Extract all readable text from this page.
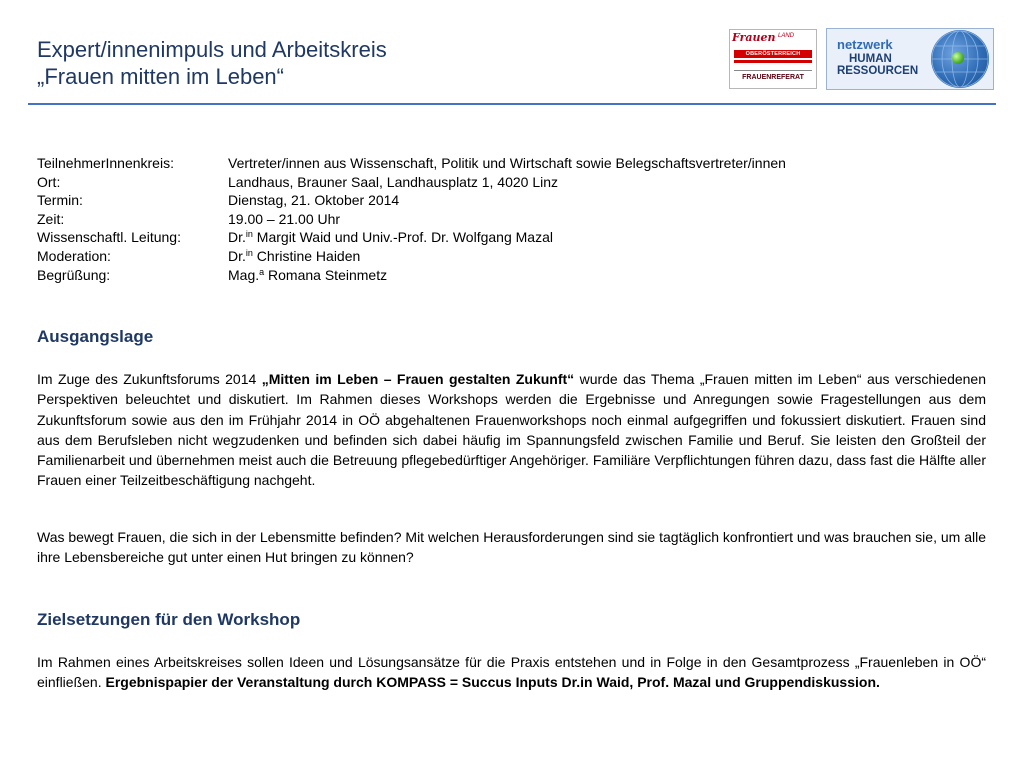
Expert/innenimpuls und Arbeitskreis
„Frauen mitten im Leben“
Frauen LAND
OBERÖSTERREICH
FRAUENREFERAT
netzwerk
HUMAN
RESSOURCEN
TeilnehmerInnenkreis:	Vertreter/innen aus Wissenschaft, Politik und Wirtschaft sowie Belegschaftsvertreter/innen
Ort:	Landhaus, Brauner Saal, Landhausplatz 1, 4020 Linz
Termin:	Dienstag, 21. Oktober 2014
Zeit:	19.00 – 21.00 Uhr
Wissenschaftl. Leitung:	Dr.$^{in}$ Margit Waid und Univ.-Prof. Dr. Wolfgang Mazal
Moderation:	Dr.$^{in}$ Christine Haiden
Begrüßung:	Mag.$^a$ Romana Steinmetz
Ausgangslage

Im Zuge des Zukunftsforums 2014 „Mitten im Leben – Frauen gestalten Zukunft“ wurde das Thema „Frauen mitten im Leben“ aus verschiedenen Perspektiven beleuchtet und diskutiert. Im Rahmen dieses Workshops werden die Ergebnisse und Anregungen sowie Fragestellungen aus dem Zukunftsforum sowie aus den im Frühjahr 2014 in OÖ abgehaltenen Frauenworkshops noch einmal aufgegriffen und fokussiert diskutiert. Frauen sind aus dem Berufsleben nicht wegzudenken und befinden sich dabei häufig im Spannungsfeld zwischen Familie und Beruf. Sie leisten den Großteil der Familienarbeit und übernehmen meist auch die Betreuung pflegebedürftiger Angehöriger. Familiäre Verpflichtungen führen dazu, dass fast die Hälfte aller Frauen einer Teilzeitbeschäftigung nachgeht.

Was bewegt Frauen, die sich in der Lebensmitte befinden? Mit welchen Herausforderungen sind sie tagtäglich konfrontiert und was brauchen sie, um alle ihre Lebensbereiche gut unter einen Hut bringen zu können?

Zielsetzungen für den Workshop

Im Rahmen eines Arbeitskreises sollen Ideen und Lösungsansätze für die Praxis entstehen und in Folge in den Gesamtprozess „Frauenleben in OÖ“ einfließen. Ergebnispapier der Veranstaltung durch KOMPASS = Succus Inputs Dr.in Waid, Prof. Mazal und Gruppendiskussion.
